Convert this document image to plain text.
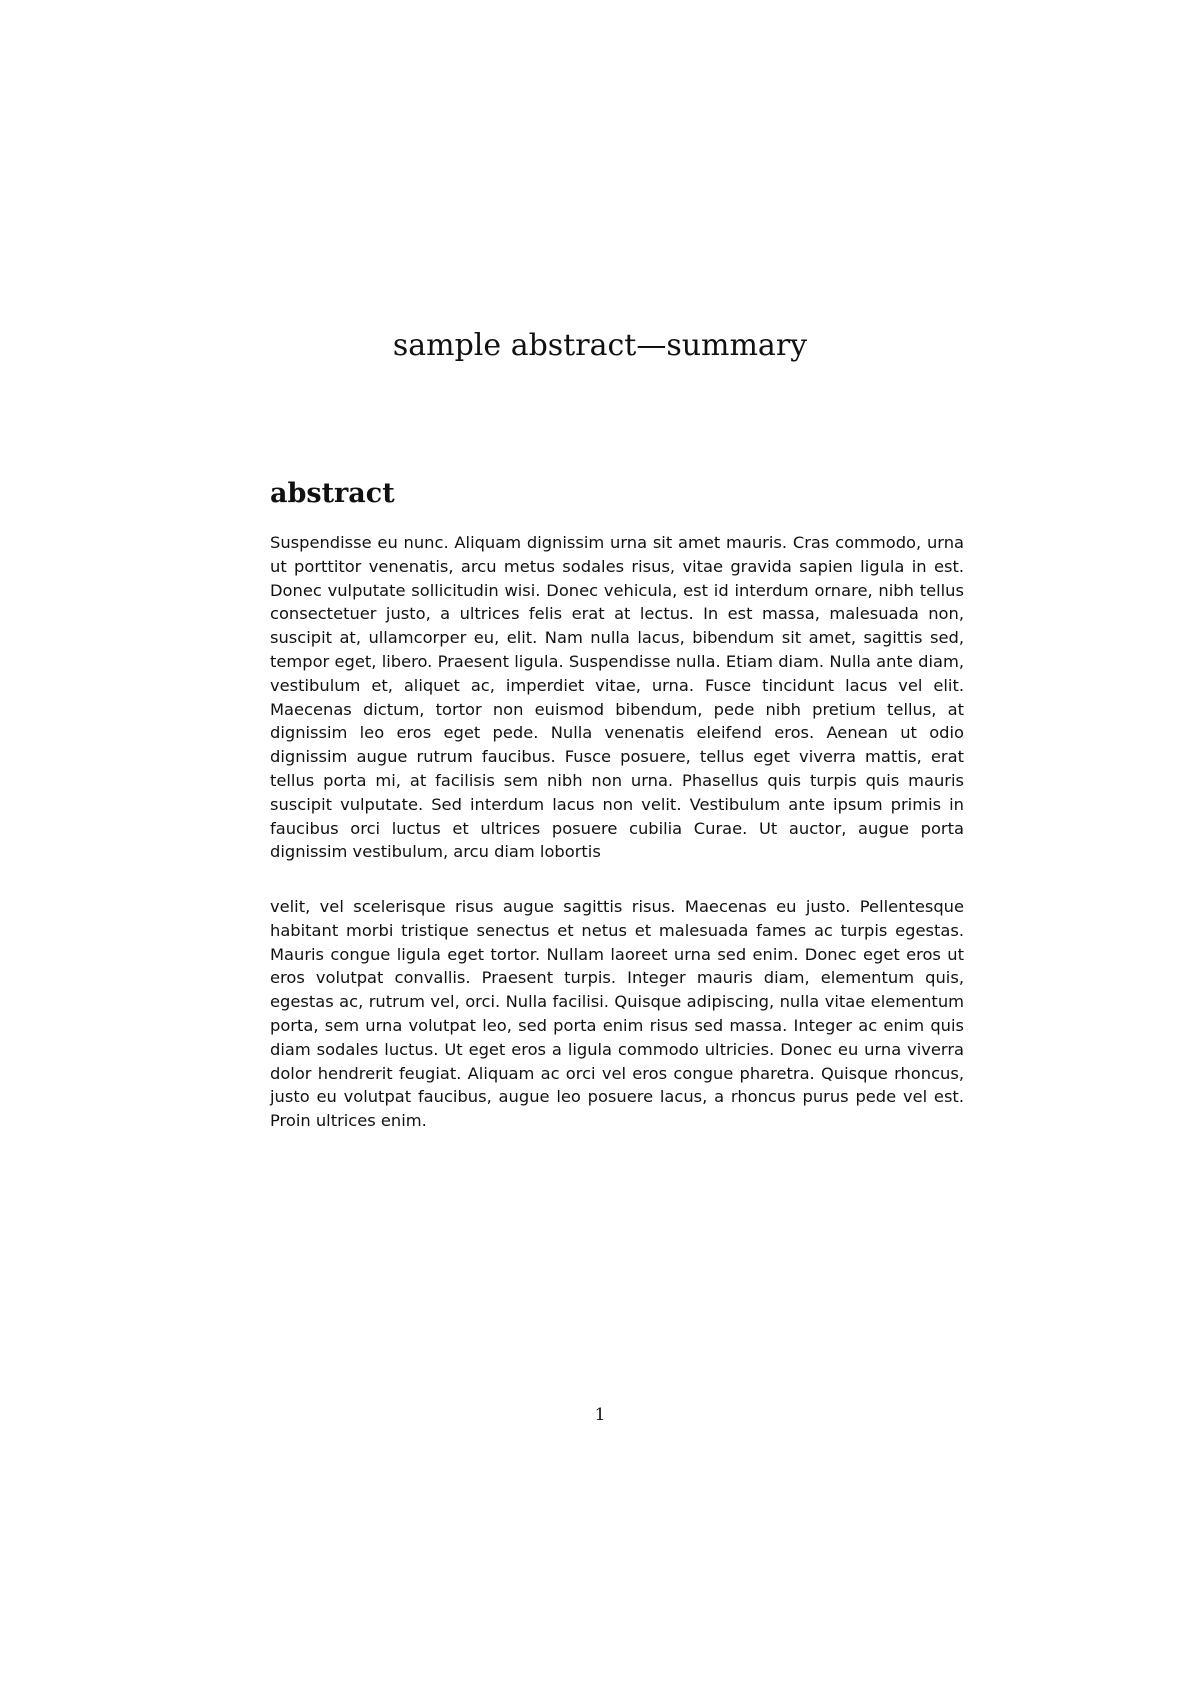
sample abstract—summary
abstract

Suspendisse eu nunc. Aliquam dignissim urna sit amet mauris. Cras commodo, urna ut porttitor venenatis, arcu metus sodales risus, vitae gravida sapien ligula in est. Donec vulputate sollicitudin wisi. Donec vehicula, est id interdum ornare, nibh tellus consectetuer justo, a ultrices felis erat at lectus. In est massa, malesuada non, suscipit at, ullamcorper eu, elit. Nam nulla lacus, bibendum sit amet, sagittis sed, tempor eget, libero. Praesent ligula. Suspendisse nulla. Etiam diam. Nulla ante diam, vestibulum et, aliquet ac, imperdiet vitae, urna. Fusce tincidunt lacus vel elit. Maecenas dictum, tortor non euismod bibendum, pede nibh pretium tellus, at dignissim leo eros eget pede. Nulla venenatis eleifend eros. Aenean ut odio dignissim augue rutrum faucibus. Fusce posuere, tellus eget viverra mattis, erat tellus porta mi, at facilisis sem nibh non urna. Phasellus quis turpis quis mauris suscipit vulputate. Sed interdum lacus non velit. Vestibulum ante ipsum primis in faucibus orci luctus et ultrices posuere cubilia Curae. Ut auctor, augue porta dignissim vestibulum, arcu diam lobortis

velit, vel scelerisque risus augue sagittis risus. Maecenas eu justo. Pellentesque habitant morbi tristique senectus et netus et malesuada fames ac turpis egestas. Mauris congue ligula eget tortor. Nullam laoreet urna sed enim. Donec eget eros ut eros volutpat convallis. Praesent turpis. Integer mauris diam, elementum quis, egestas ac, rutrum vel, orci. Nulla facilisi. Quisque adipiscing, nulla vitae elementum porta, sem urna volutpat leo, sed porta enim risus sed massa. Integer ac enim quis diam sodales luctus. Ut eget eros a ligula commodo ultricies. Donec eu urna viverra dolor hendrerit feugiat. Aliquam ac orci vel eros congue pharetra. Quisque rhoncus, justo eu volutpat faucibus, augue leo posuere lacus, a rhoncus purus pede vel est. Proin ultrices enim.

1
